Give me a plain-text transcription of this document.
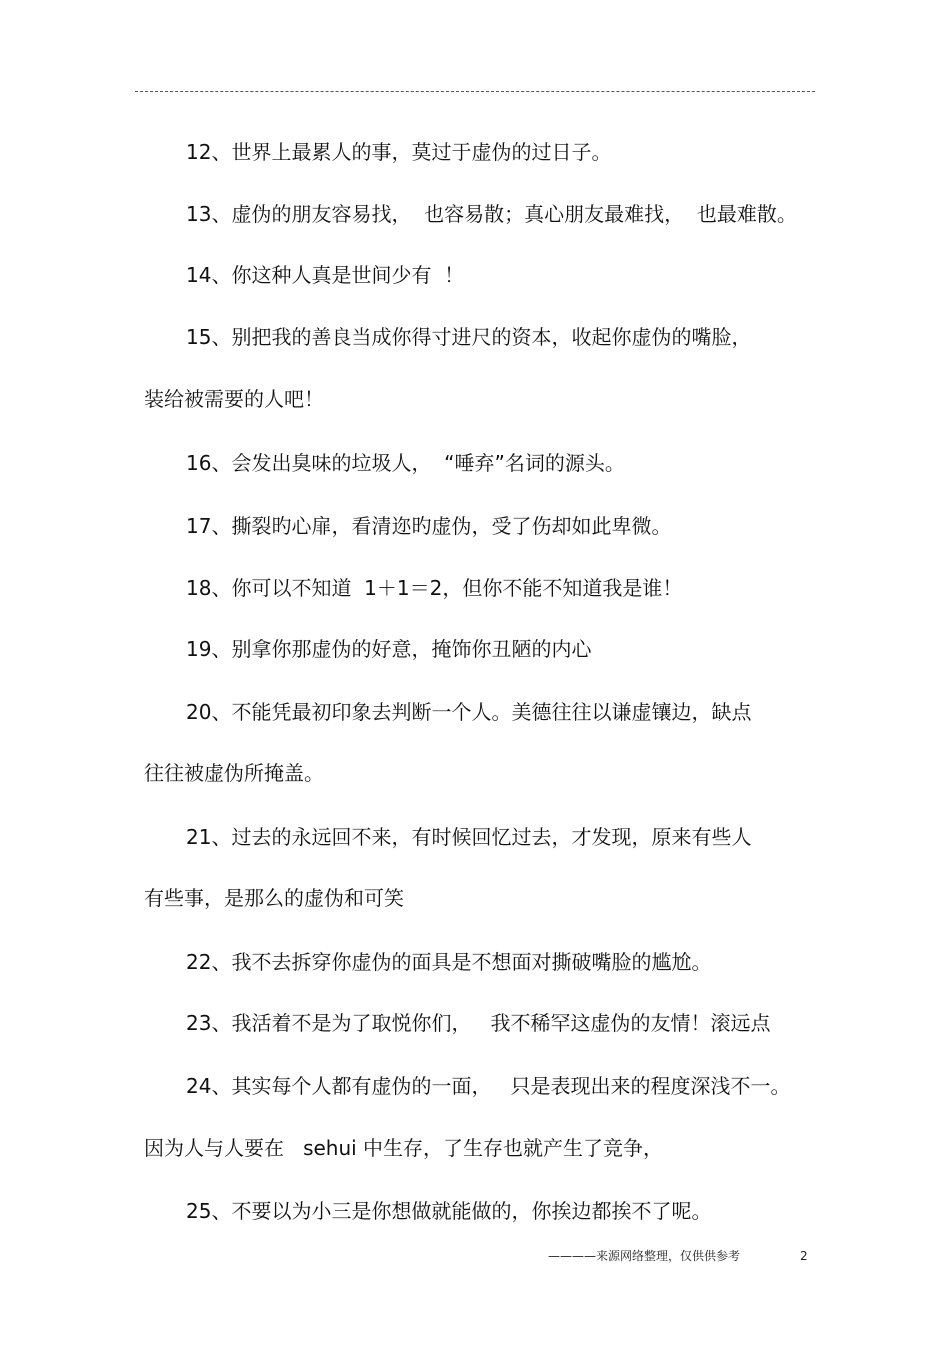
12、世界上最累人的事，莫过于虚伪的过日子。
13、虚伪的朋友容易找，  也容易散；真心朋友最难找，  也最难散。
14、你这种人真是世间少有  ！
15、别把我的善良当成你得寸进尺的资本，收起你虚伪的嘴脸，
装给被需要的人吧！
16、会发出臭味的垃圾人，  “唾弃”名词的源头。
17、撕裂旳心扉，看清迩旳虚伪，受了伤却如此卑微。
18、你可以不知道  1＋1＝2，但你不能不知道我是谁！
19、别拿你那虚伪的好意，掩饰你丑陋的内心
20、不能凭最初印象去判断一个人。美德往往以谦虚镶边，缺点
往往被虚伪所掩盖。
21、过去的永远回不来，有时候回忆过去，才发现，原来有些人
有些事，是那么的虚伪和可笑
22、我不去拆穿你虚伪的面具是不想面对撕破嘴脸的尴尬。
23、我活着不是为了取悦你们，   我不稀罕这虚伪的友情！滚远点
24、其实每个人都有虚伪的一面，   只是表现出来的程度深浅不一。
因为人与人要在   sehui 中生存，了生存也就产生了竞争，
25、不要以为小三是你想做就能做的，你挨边都挨不了呢。
————来源网络整理，仅供供参考	2
